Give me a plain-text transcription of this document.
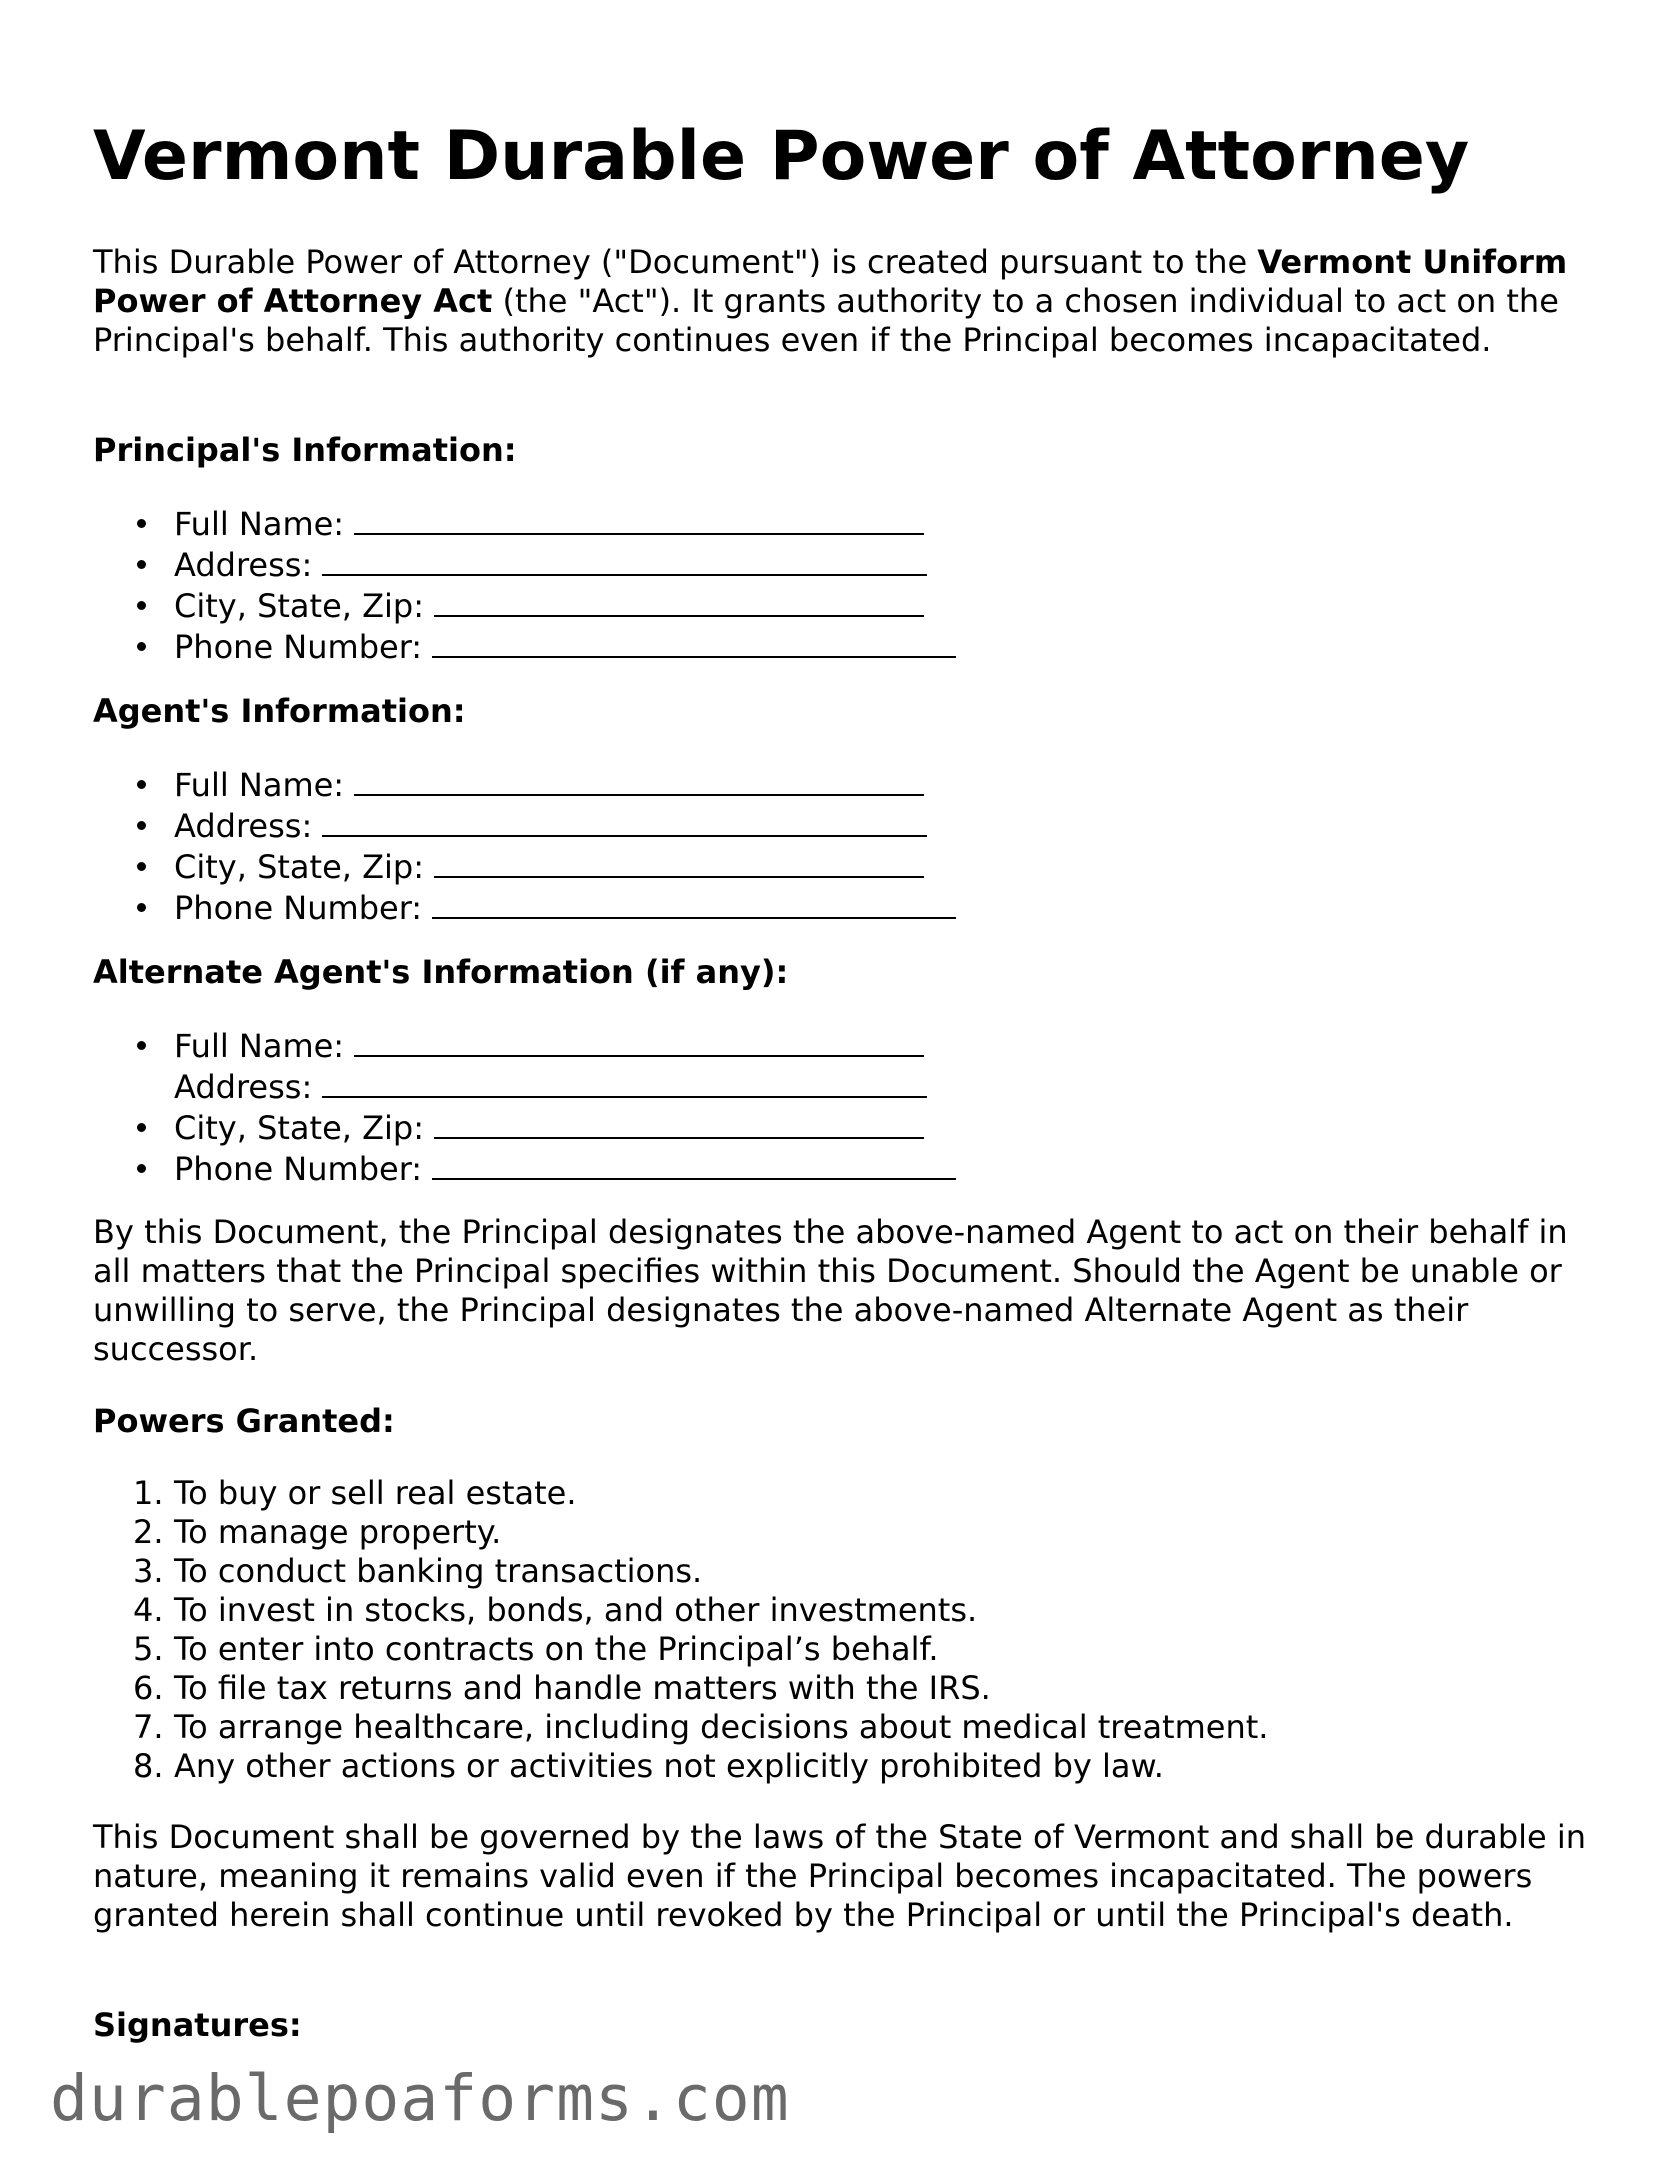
Vermont Durable Power of Attorney

This Durable Power of Attorney ("Document") is created pursuant to the Vermont Uniform Power of Attorney Act (the "Act"). It grants authority to a chosen individual to act on the Principal's behalf. This authority continues even if the Principal becomes incapacitated.

Principal's Information:
Full Name:
Address:
City, State, Zip:
Phone Number:
Agent's Information:
Full Name:
Address:
City, State, Zip:
Phone Number:
Alternate Agent's Information (if any):
Full Name:
Address:
City, State, Zip:
Phone Number:

By this Document, the Principal designates the above-named Agent to act on their behalf in all matters that the Principal specifies within this Document. Should the Agent be unable or unwilling to serve, the Principal designates the above-named Alternate Agent as their successor.

Powers Granted:
1. To buy or sell real estate.
2. To manage property.
3. To conduct banking transactions.
4. To invest in stocks, bonds, and other investments.
5. To enter into contracts on the Principal’s behalf.
6. To file tax returns and handle matters with the IRS.
7. To arrange healthcare, including decisions about medical treatment.
8. Any other actions or activities not explicitly prohibited by law.

This Document shall be governed by the laws of the State of Vermont and shall be durable in nature, meaning it remains valid even if the Principal becomes incapacitated. The powers granted herein shall continue until revoked by the Principal or until the Principal's death.

Signatures:
durablepoaforms.com
